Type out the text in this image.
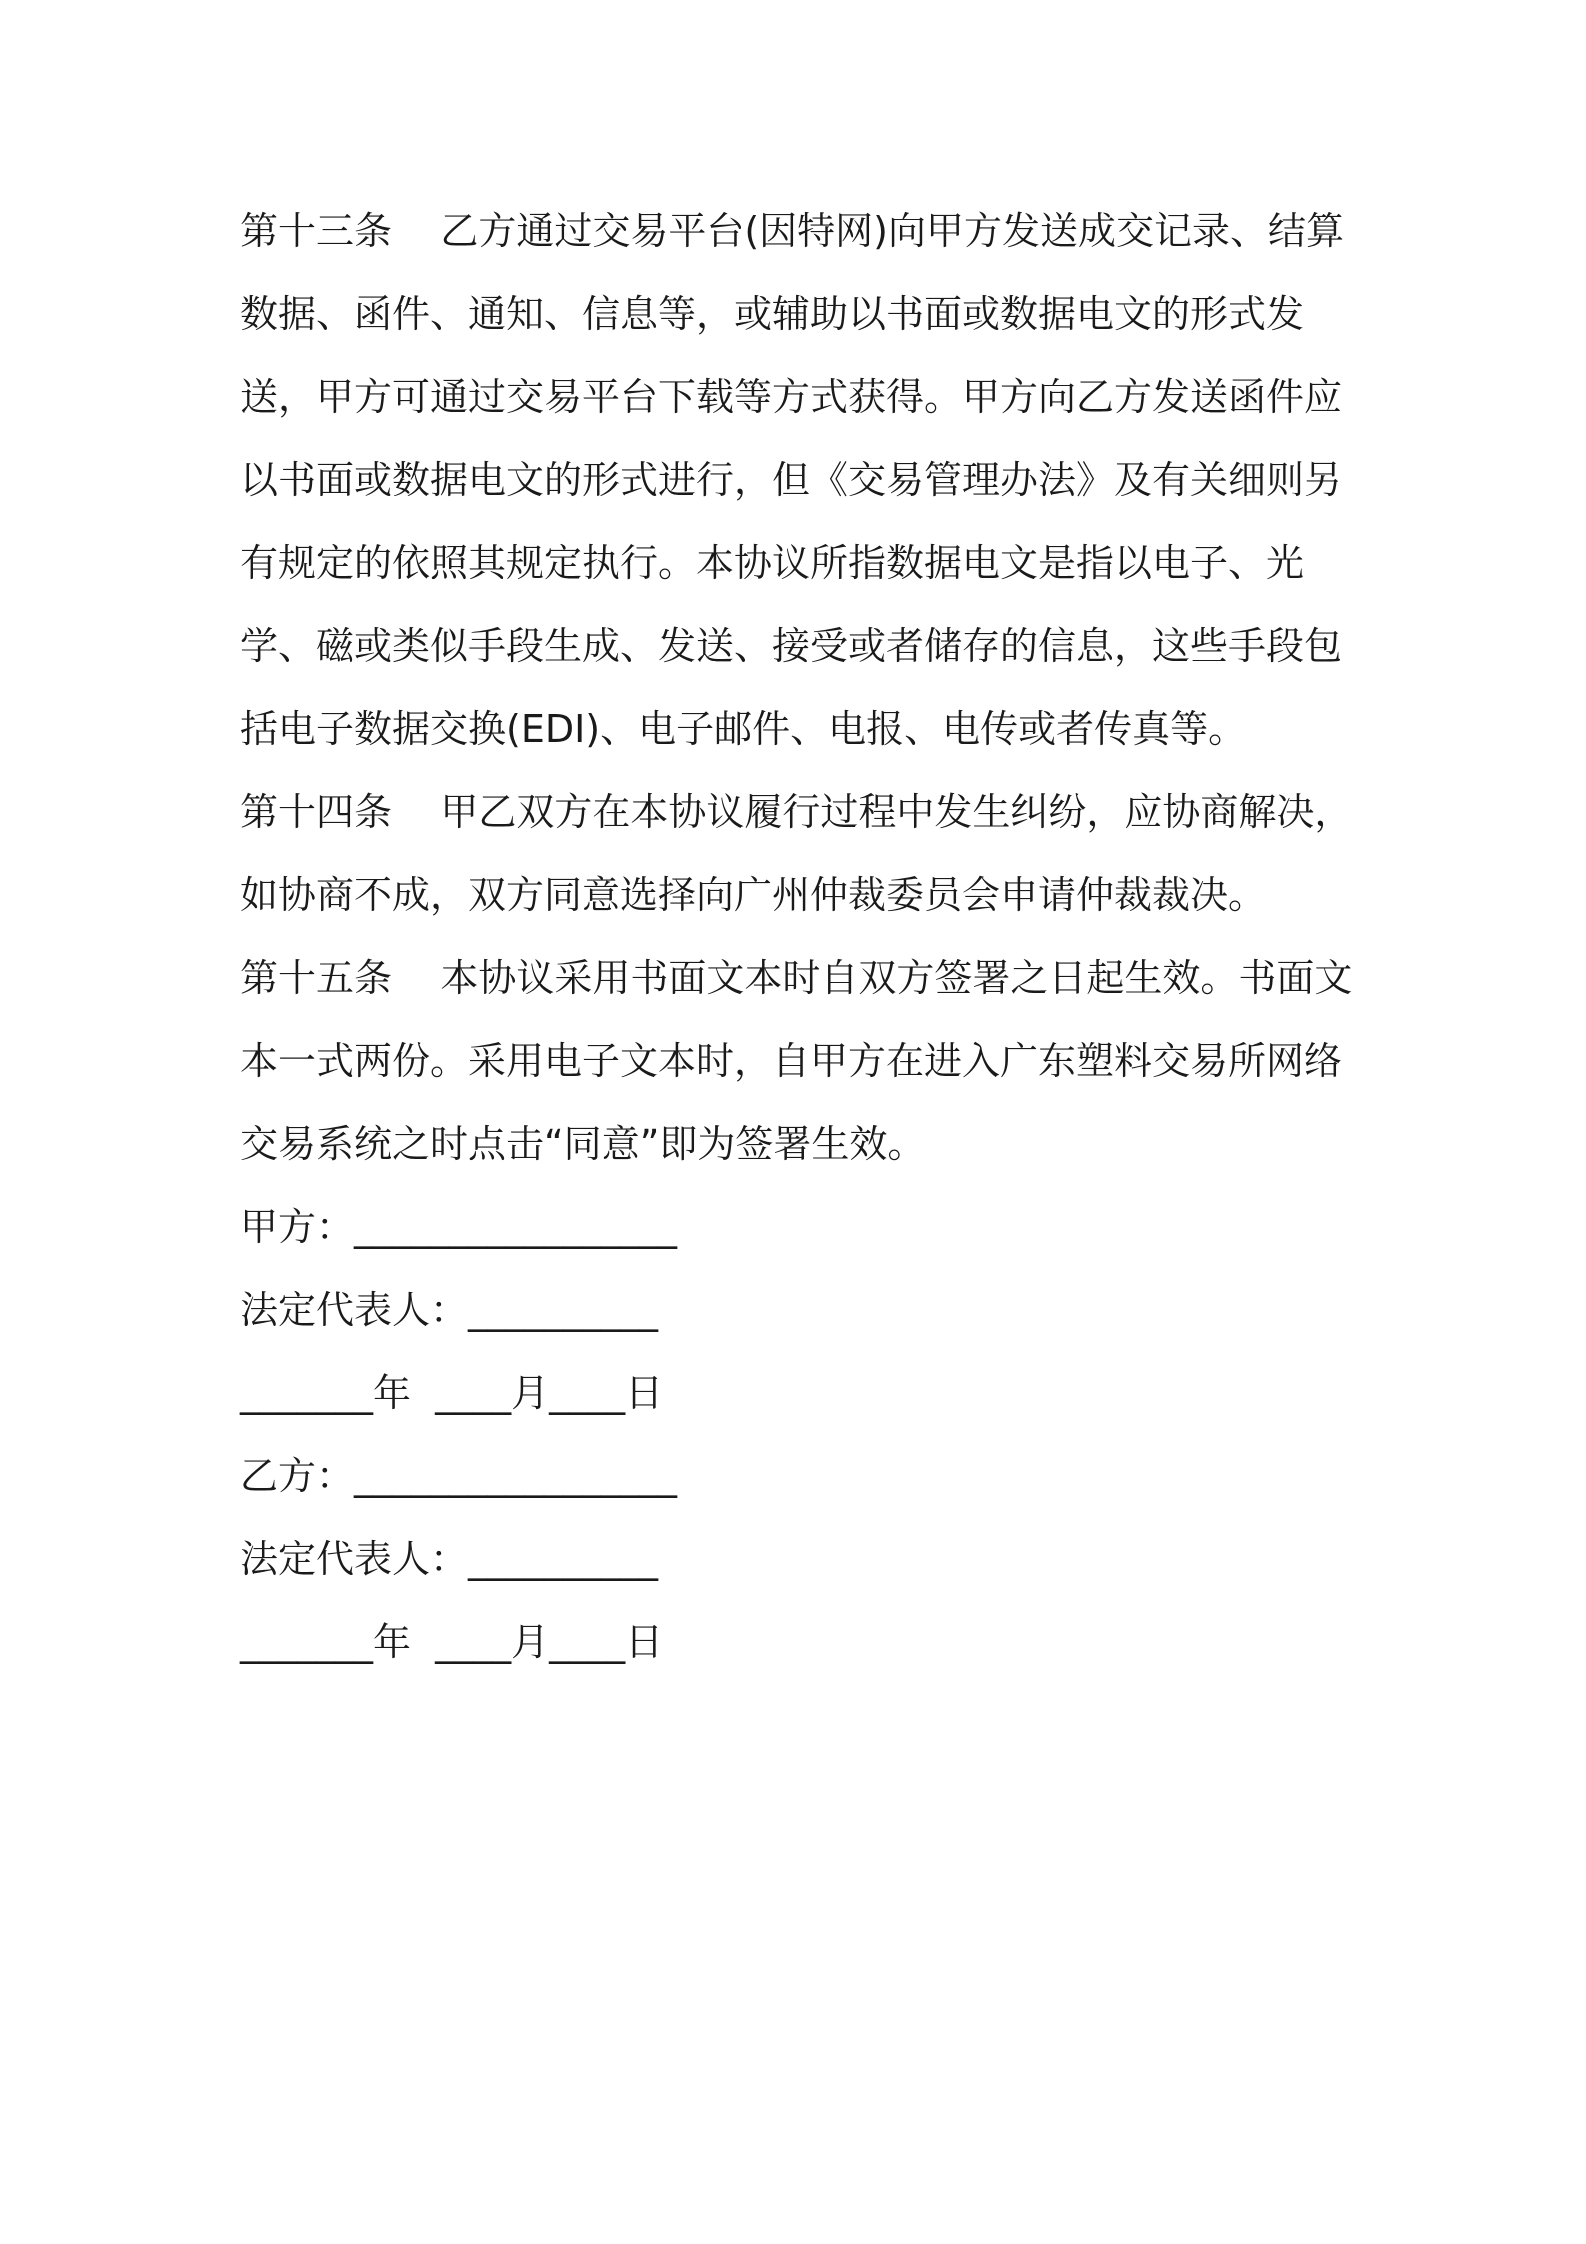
第十三条 乙方通过交易平台(因特网)向甲方发送成交记录、结算数据、函件、通知、信息等，或辅助以书面或数据电文的形式发送，甲方可通过交易平台下载等方式获得。甲方向乙方发送函件应以书面或数据电文的形式进行，但《交易管理办法》及有关细则另有规定的依照其规定执行。本协议所指数据电文是指以电子、光学、磁或类似手段生成、发送、接受或者储存的信息，这些手段包括电子数据交换(EDI)、电子邮件、电报、电传或者传真等。

第十四条 甲乙双方在本协议履行过程中发生纠纷，应协商解决，如协商不成，双方同意选择向广州仲裁委员会申请仲裁裁决。

第十五条 本协议采用书面文本时自双方签署之日起生效。书面文本一式两份。采用电子文本时，自甲方在进入广东塑料交易所网络交易系统之时点击“同意”即为签署生效。

甲方：_________________

法定代表人：__________

_______年  ____月____日

乙方：_________________

法定代表人：__________

_______年  ____月____日
